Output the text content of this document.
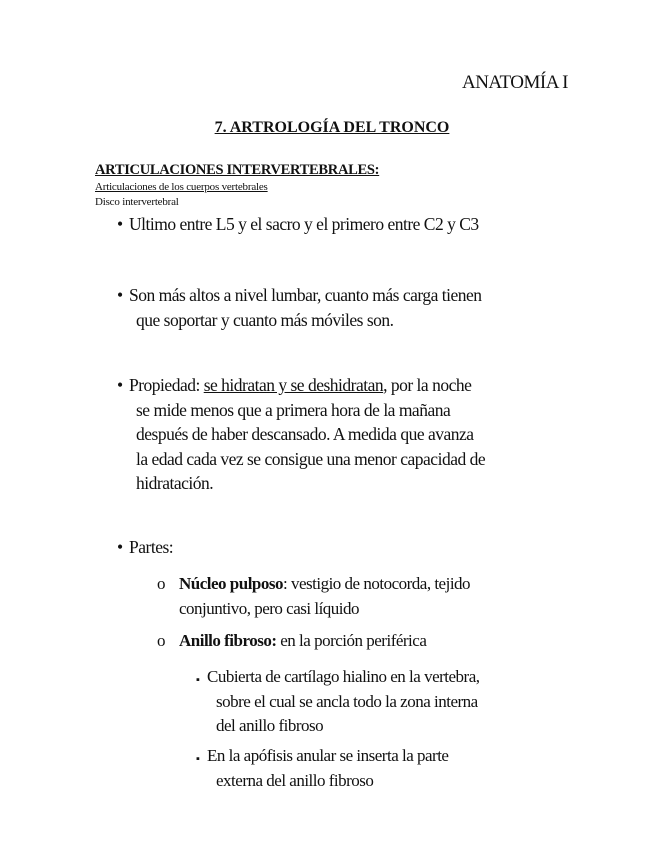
ANATOMÍA I
7. ARTROLOGÍA DEL TRONCO
ARTICULACIONES INTERVERTEBRALES:
Articulaciones de los cuerpos vertebrales
Disco intervertebral
• Ultimo entre L5 y el sacro y el primero entre C2 y C3
• Son más altos a nivel lumbar, cuanto más carga tienen
que soportar y cuanto más móviles son.
• Propiedad: se hidratan y se deshidratan, por la noche
se mide menos que a primera hora de la mañana
después de haber descansado. A medida que avanza
la edad cada vez se consigue una menor capacidad de
hidratación.
• Partes:
o Núcleo pulposo: vestigio de notocorda, tejido
conjuntivo, pero casi líquido
o Anillo fibroso: en la porción periférica
▪ Cubierta de cartílago hialino en la vertebra,
sobre el cual se ancla todo la zona interna
del anillo fibroso
▪ En la apófisis anular se inserta la parte
externa del anillo fibroso
